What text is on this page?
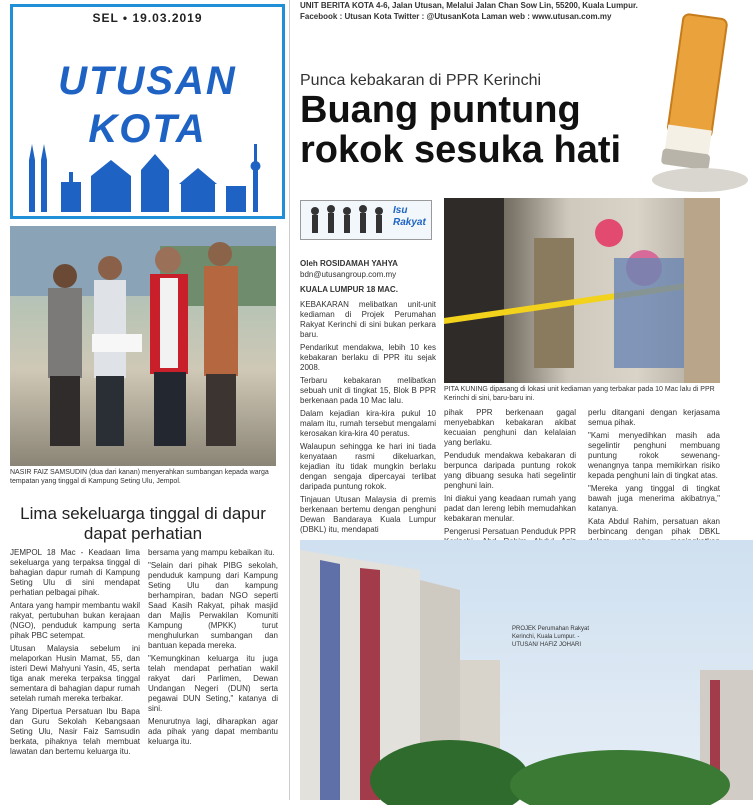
SEL • 19.03.2019
UTUSAN
KOTA
NASIR FAIZ SAMSUDIN (dua dari kanan) menyerahkan sumbangan kepada warga tempatan yang tinggal di Kampung Seting Ulu, Jempol.
Lima sekeluarga tinggal di dapur dapat perhatian

JEMPOL 18 Mac - Keadaan lima sekeluarga yang terpaksa tinggal di bahagian dapur rumah di Kampung Seting Ulu di sini mendapat perhatian pelbagai pihak.

Antara yang hampir membantu wakil rakyat, pertubuhan bukan kerajaan (NGO), penduduk kampung serta pihak PBC setempat.

Utusan Malaysia sebelum ini melaporkan Husin Mamat, 55, dan isteri Dewi Mahyuni Yasin, 45, serta tiga anak mereka terpaksa tinggal sementara di bahagian dapur rumah setelah rumah mereka terbakar.

Yang Dipertua Persatuan Ibu Bapa dan Guru Sekolah Kebangsaan Seting Ulu, Nasir Faiz Samsudin berkata, pihaknya telah membuat lawatan dan bertemu keluarga itu.

bersama yang mampu kebaikan itu.

"Selain dari pihak PIBG sekolah, penduduk kampung dari Kampung Seting Ulu dan kampung berhampiran, badan NGO seperti Saad Kasih Rakyat, pihak masjid dan Majlis Perwakilan Komuniti Kampung (MPKK) turut menghulurkan sumbangan dan bantuan kepada mereka.

"Kemungkinan keluarga itu juga telah mendapat perhatian wakil rakyat dari Parlimen, Dewan Undangan Negeri (DUN) serta pegawai DUN Seting," katanya di sini.

Menurutnya lagi, diharapkan agar ada pihak yang dapat membantu keluarga itu.

UNIT BERITA KOTA 4-6, Jalan Utusan, Melalui Jalan Chan Sow Lin, 55200, Kuala Lumpur.
Facebook : Utusan Kota Twitter : @UtusanKota Laman web : www.utusan.com.my
Punca kebakaran di PPR Kerinchi
Buang puntung
rokok sesuka hati
Isu
Rakyat
Oleh ROSIDAMAH YAHYA
bdn@utusangroup.com.my
KUALA LUMPUR 18 MAC.
PITA KUNING dipasang di lokasi unit kediaman yang terbakar pada 10 Mac lalu di PPR Kerinchi di sini, baru-baru ini.

KEBAKARAN melibatkan unit-unit kediaman di Projek Perumahan Rakyat Kerinchi di sini bukan perkara baru.

Pendarikut mendakwa, lebih 10 kes kebakaran berlaku di PPR itu sejak 2008.

Terbaru kebakaran melibatkan sebuah unit di tingkat 15, Blok B PPR berkenaan pada 10 Mac lalu.

Dalam kejadian kira-kira pukul 10 malam itu, rumah tersebut mengalami kerosakan kira-kira 40 peratus.

Walaupun sehingga ke hari ini tiada kenyataan rasmi dikeluarkan, kejadian itu tidak mungkin berlaku dengan sengaja dipercayai terlibat daripada puntung rokok.

Tinjauan Utusan Malaysia di premis berkenaan bertemu dengan penghuni Dewan Bandaraya Kuala Lumpur (DBKL) itu, mendapati

pihak PPR berkenaan gagal menyebabkan kebakaran akibat kecuaian penghuni dan kelalaian yang berlaku.

Penduduk mendakwa kebakaran di berpunca daripada puntung rokok yang dibuang sesuka hati segelintir penghuni lain.

Ini diakui yang keadaan rumah yang padat dan lereng lebih memudahkan kebakaran menular.

Pengerusi Persatuan Penduduk PPR

perlu ditangani dengan kerjasama semua pihak.

"Kami menyedihkan masih ada segelintir penghuni membuang puntung rokok sewenang-wenangnya tanpa memikirkan risiko kepada penghuni lain di tingkat atas.

"Mereka yang tinggal di tingkat bawah juga menerima akibatnya," katanya.

Kata Abdul Rahim, persatuan akan berbincang dengan pihak DBKL

PROJEK Perumahan Rakyat Kerinchi, Kuala Lumpur. - UTUSAN/ HAFIZ JOHARI
